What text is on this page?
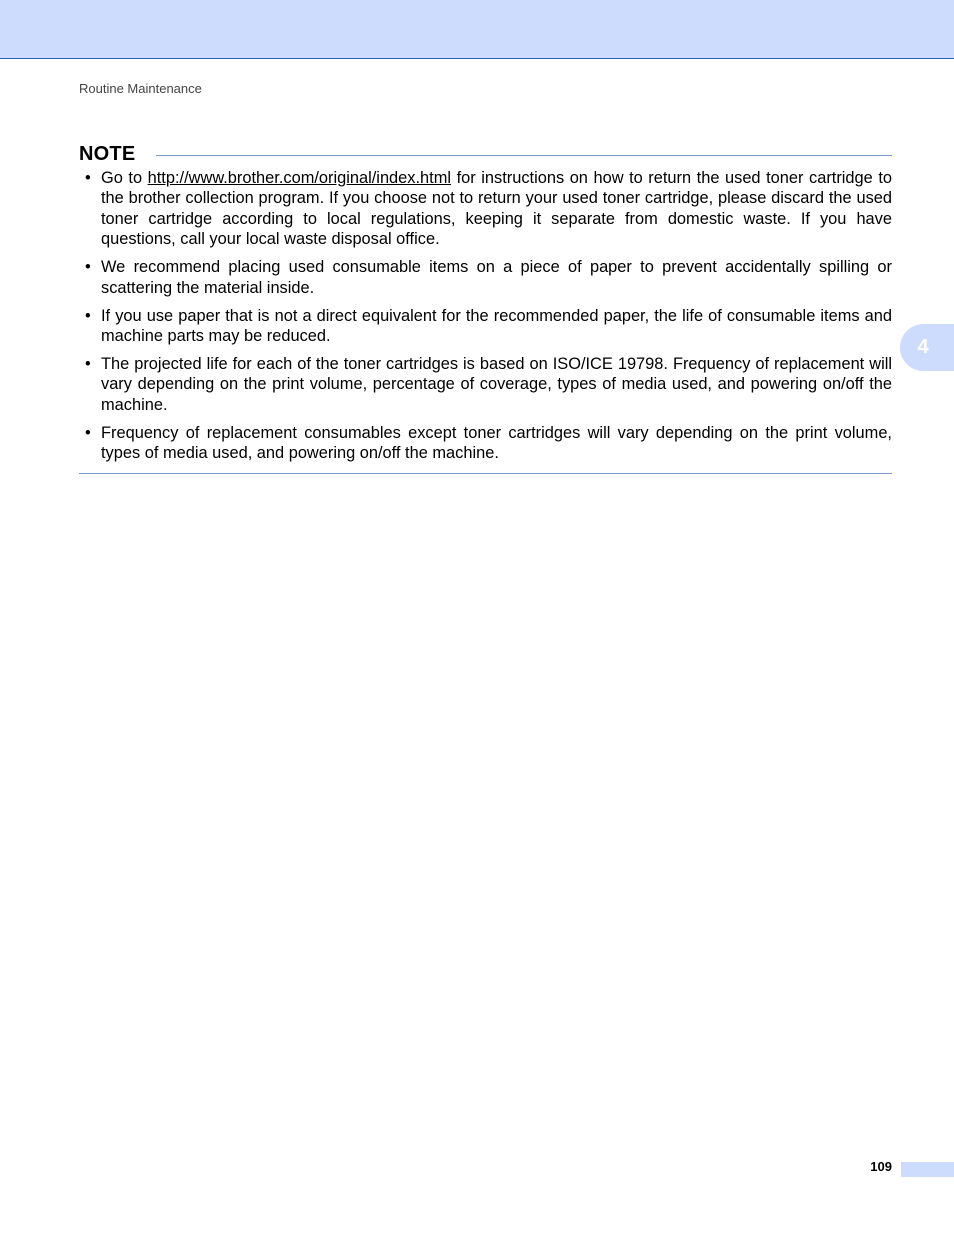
Routine Maintenance
NOTE
• Go to http://www.brother.com/original/index.html for instructions on how to return the used toner cartridge to the brother collection program. If you choose not to return your used toner cartridge, please discard the used toner cartridge according to local regulations, keeping it separate from domestic waste. If you have questions, call your local waste disposal office.
• We recommend placing used consumable items on a piece of paper to prevent accidentally spilling or scattering the material inside.
• If you use paper that is not a direct equivalent for the recommended paper, the life of consumable items and machine parts may be reduced.
• The projected life for each of the toner cartridges is based on ISO/ICE 19798. Frequency of replacement will vary depending on the print volume, percentage of coverage, types of media used, and powering on/off the machine.
• Frequency of replacement consumables except toner cartridges will vary depending on the print volume, types of media used, and powering on/off the machine.
4
109
